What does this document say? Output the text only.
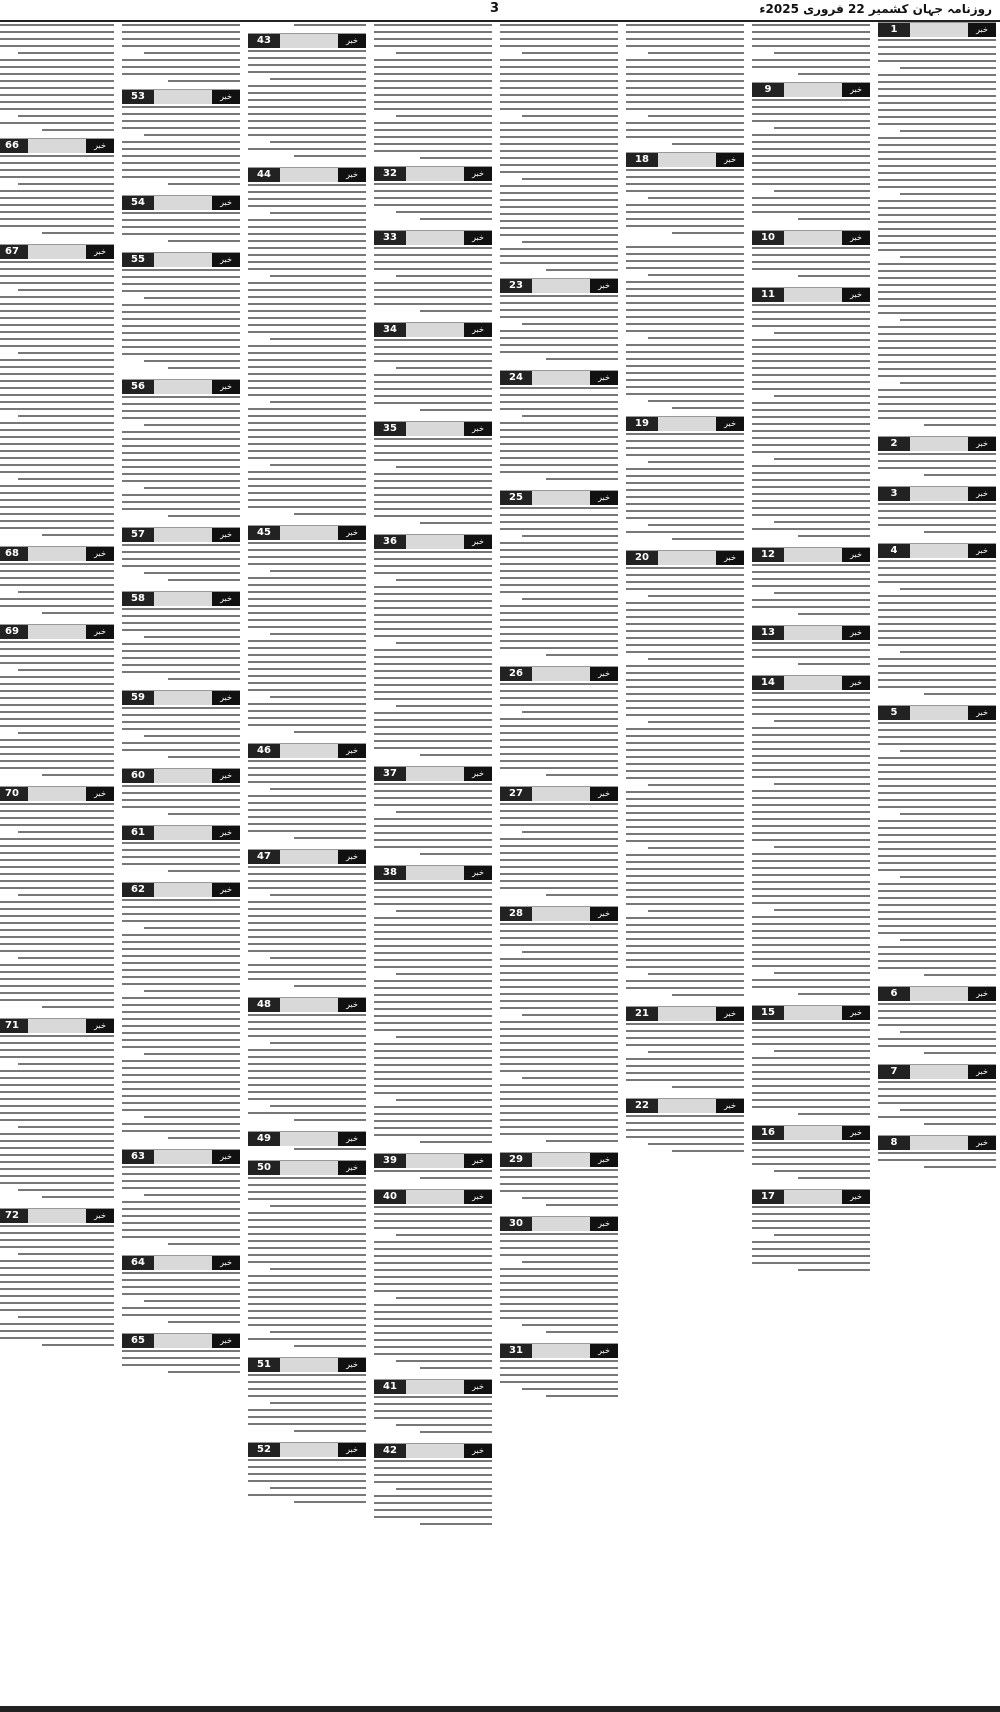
روزنامہ جہان کشمیر 22 فروری 2025ء
3
خبر
1
خبر
2
خبر
3
خبر
4
خبر
5
خبر
6
خبر
7
خبر
8
خبر
9
خبر
10
خبر
11
خبر
12
خبر
13
خبر
14
خبر
15
خبر
16
خبر
17
خبر
18
خبر
19
خبر
20
خبر
21
خبر
22
خبر
23
خبر
24
خبر
25
خبر
26
خبر
27
خبر
28
خبر
29
خبر
30
خبر
31
خبر
32
خبر
33
خبر
34
خبر
35
خبر
36
خبر
37
خبر
38
خبر
39
خبر
40
خبر
41
خبر
42
خبر
43
خبر
44
خبر
45
خبر
46
خبر
47
خبر
48
خبر
49
خبر
50
خبر
51
خبر
52
خبر
53
خبر
54
خبر
55
خبر
56
خبر
57
خبر
58
خبر
59
خبر
60
خبر
61
خبر
62
خبر
63
خبر
64
خبر
65
خبر
66
خبر
67
خبر
68
خبر
69
خبر
70
خبر
71
خبر
72
